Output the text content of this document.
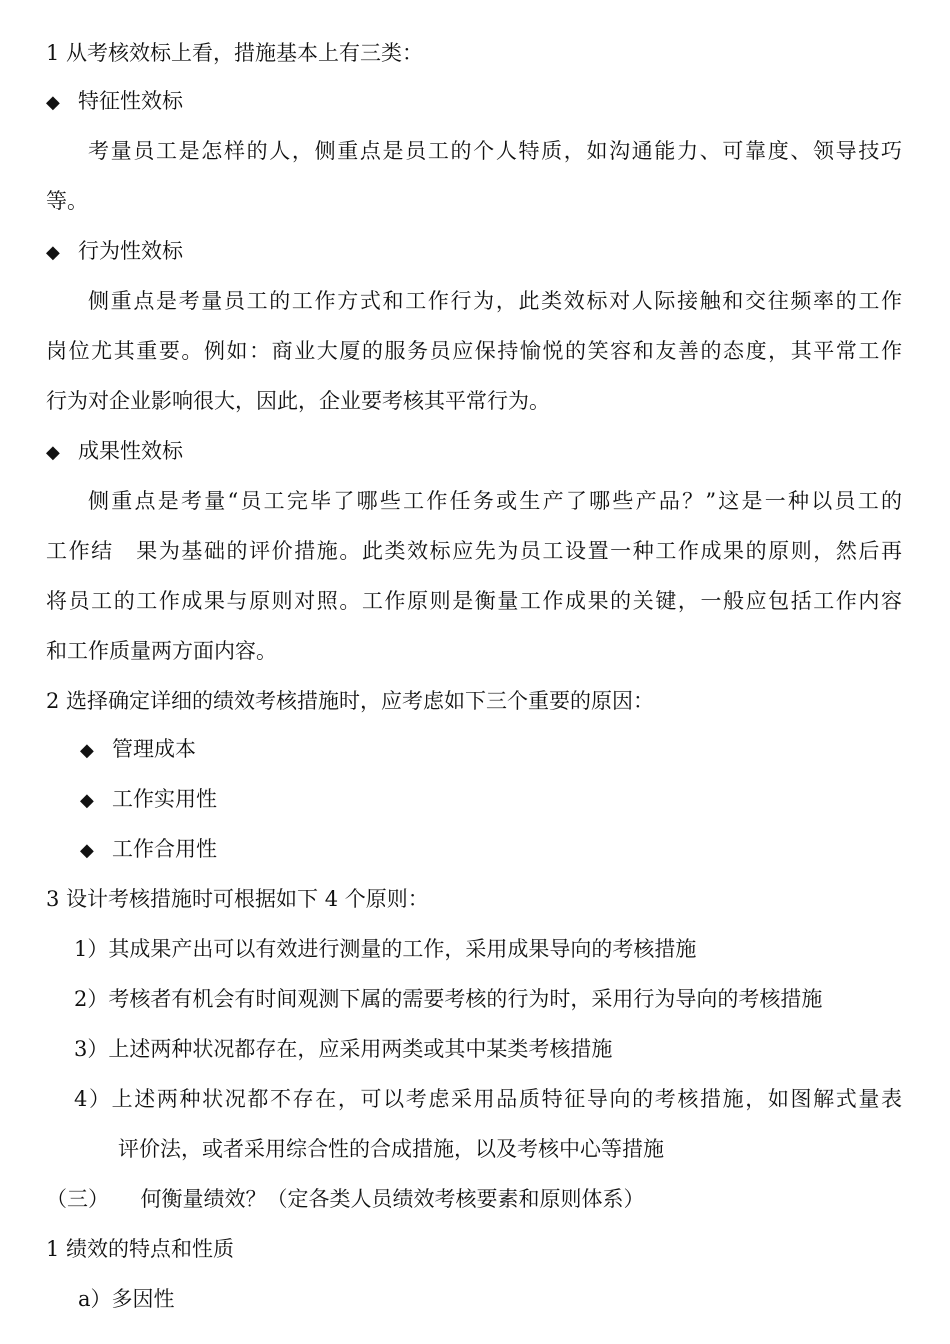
1 从考核效标上看，措施基本上有三类：
◆ 特征性效标
考量员工是怎样的人，侧重点是员工的个人特质，如沟通能力、可靠度、领导技巧
等。
◆ 行为性效标
侧重点是考量员工的工作方式和工作行为，此类效标对人际接触和交往频率的工作
岗位尤其重要。例如：商业大厦的服务员应保持愉悦的笑容和友善的态度，其平常工作
行为对企业影响很大，因此，企业要考核其平常行为。
◆ 成果性效标
侧重点是考量“员工完毕了哪些工作任务或生产了哪些产品？”这是一种以员工的
工作结　果为基础的评价措施。此类效标应先为员工设置一种工作成果的原则，然后再
将员工的工作成果与原则对照。工作原则是衡量工作成果的关键，一般应包括工作内容
和工作质量两方面内容。
2 选择确定详细的绩效考核措施时，应考虑如下三个重要的原因：
◆ 管理成本
◆ 工作实用性
◆ 工作合用性
3 设计考核措施时可根据如下 4 个原则：
1）其成果产出可以有效进行测量的工作，采用成果导向的考核措施
2）考核者有机会有时间观测下属的需要考核的行为时，采用行为导向的考核措施
3）上述两种状况都存在，应采用两类或其中某类考核措施
4）上述两种状况都不存在，可以考虑采用品质特征导向的考核措施，如图解式量表
评价法，或者采用综合性的合成措施，以及考核中心等措施
（三）　　何衡量绩效？（定各类人员绩效考核要素和原则体系）
1 绩效的特点和性质
a）多因性
